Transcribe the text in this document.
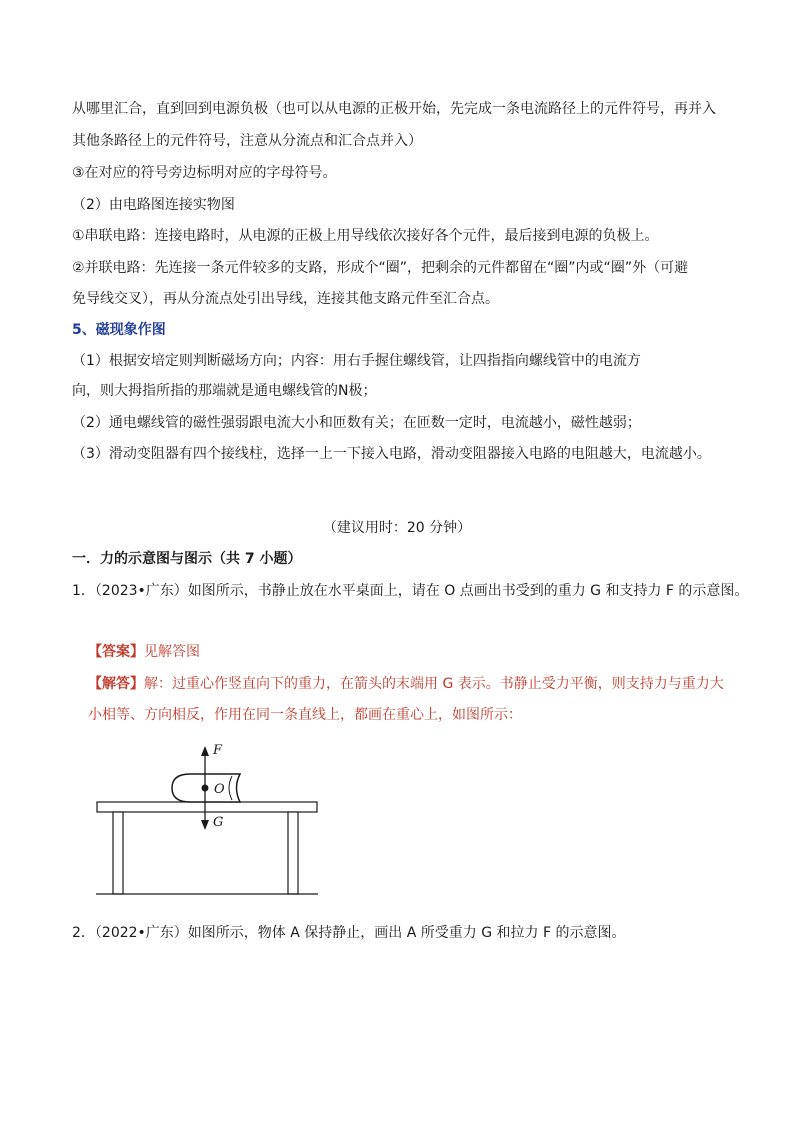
从哪里汇合，直到回到电源负极（也可以从电源的正极开始，先完成一条电流路径上的元件符号，再并入
其他条路径上的元件符号，注意从分流点和汇合点并入）
③在对应的符号旁边标明对应的字母符号。
（2）由电路图连接实物图
①串联电路：连接电路时，从电源的正极上用导线依次接好各个元件，最后接到电源的负极上。
②并联电路：先连接一条元件较多的支路，形成个“圈”，把剩余的元件都留在“圈”内或“圈”外（可避
免导线交叉），再从分流点处引出导线，连接其他支路元件至汇合点。
5、磁现象作图
（1）根据安培定则判断磁场方向；内容：用右手握住螺线管，让四指指向螺线管中的电流方
向，则大拇指所指的那端就是通电螺线管的N极；
（2）通电螺线管的磁性强弱跟电流大小和匝数有关；在匝数一定时，电流越小，磁性越弱；
（3）滑动变阻器有四个接线柱，选择一上一下接入电路，滑动变阻器接入电路的电阻越大，电流越小。
（建议用时：20 分钟）
一．力的示意图与图示（共 7 小题）
1．（2023•广东）如图所示，书静止放在水平桌面上，请在 O 点画出书受到的重力 G 和支持力 F 的示意图。
【答案】见解答图
【解答】解：过重心作竖直向下的重力，在箭头的末端用 G 表示。书静止受力平衡，则支持力与重力大
小相等、方向相反，作用在同一条直线上，都画在重心上，如图所示：
F
O
G
2．（2022•广东）如图所示，物体 A 保持静止，画出 A 所受重力 G 和拉力 F 的示意图。
